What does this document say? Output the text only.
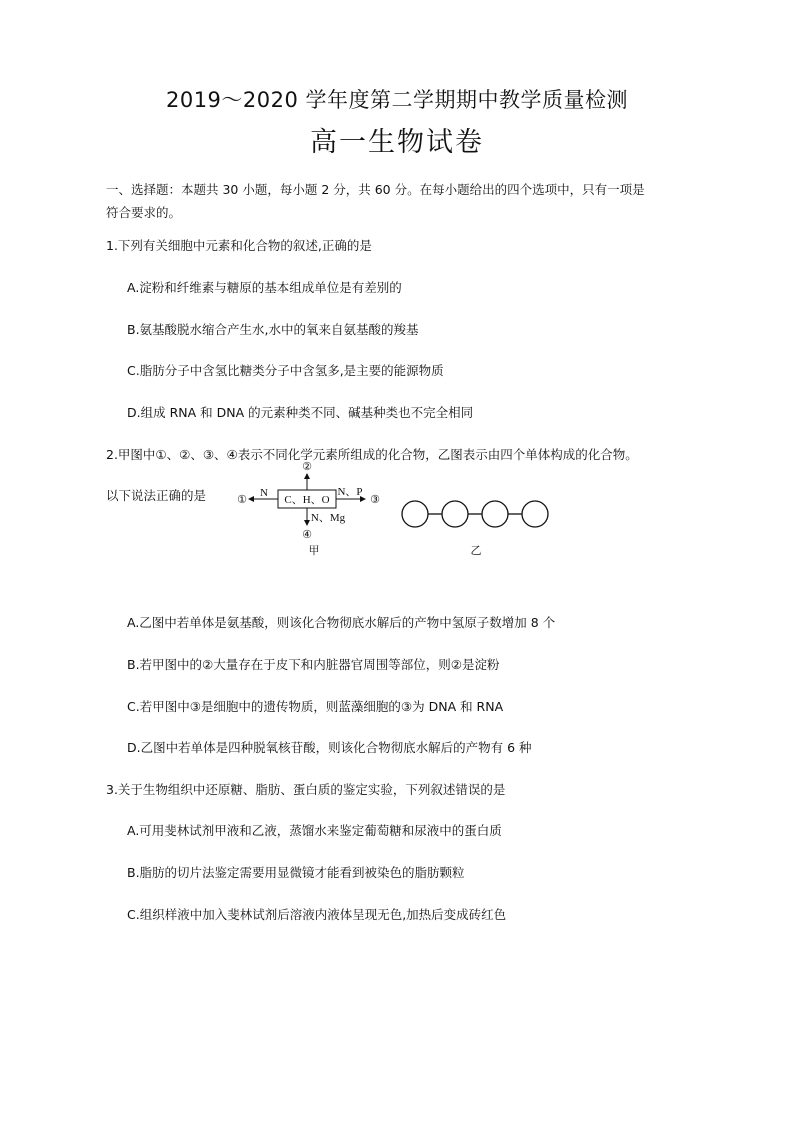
2019～2020 学年度第二学期期中教学质量检测
高一生物试卷
一、选择题：本题共 30 小题，每小题 2 分，共 60 分。在每小题给出的四个选项中，只有一项是
符合要求的。
1.下列有关细胞中元素和化合物的叙述,正确的是
A.淀粉和纤维素与糖原的基本组成单位是有差别的
B.氨基酸脱水缩合产生水,水中的氧来自氨基酸的羧基
C.脂肪分子中含氢比糖类分子中含氢多,是主要的能源物质
D.组成 RNA 和 DNA 的元素种类不同、碱基种类也不完全相同
2.甲图中①、②、③、④表示不同化学元素所组成的化合物，乙图表示由四个单体构成的化合物。
以下说法正确的是	C、H、O
N
①
②
N、P
③
N、Mg
④
甲	乙
A.乙图中若单体是氨基酸，则该化合物彻底水解后的产物中氢原子数增加 8 个
B.若甲图中的②大量存在于皮下和内脏器官周围等部位，则②是淀粉
C.若甲图中③是细胞中的遗传物质，则蓝藻细胞的③为 DNA 和 RNA
D.乙图中若单体是四种脱氧核苷酸，则该化合物彻底水解后的产物有 6 种
3.关于生物组织中还原糖、脂肪、蛋白质的鉴定实验，下列叙述错误的是
A.可用斐林试剂甲液和乙液，蒸馏水来鉴定葡萄糖和尿液中的蛋白质
B.脂肪的切片法鉴定需要用显微镜才能看到被染色的脂肪颗粒
C.组织样液中加入斐林试剂后溶液内液体呈现无色,加热后变成砖红色
